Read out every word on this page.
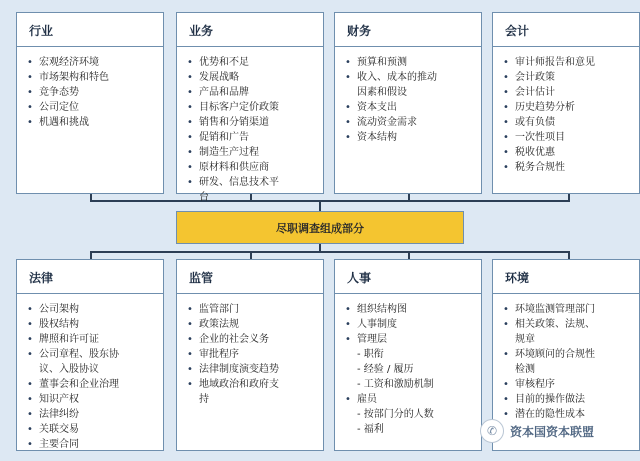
行业
• 宏观经济环境
• 市场架构和特色
• 竞争态势
• 公司定位
• 机遇和挑战
业务
• 优势和不足
• 发展战略
• 产品和品牌
• 目标客户定价政策
• 销售和分销渠道
• 促销和广告
• 制造生产过程
• 原材料和供应商
• 研发、信息技术平
台
财务
• 预算和预测
• 收入、成本的推动
因素和假设
• 资本支出
• 流动资金需求
• 资本结构
会计
• 审计师报告和意见
• 会计政策
• 会计估计
• 历史趋势分析
• 或有负债
• 一次性项目
• 税收优惠
• 税务合规性
尽职调查组成部分
法律
• 公司架构
• 股权结构
• 牌照和许可证
• 公司章程、股东协
议、入股协议
• 董事会和企业治理
• 知识产权
• 法律纠纷
• 关联交易
• 主要合同
监管
• 监管部门
• 政策法规
• 企业的社会义务
• 审批程序
• 法律制度演变趋势
• 地域政治和政府支
持
人事
• 组织结构图
• 人事制度
• 管理层
- 职衔
- 经验 / 履历
- 工资和激励机制
• 雇员
- 按部门分的人数
- 福利
环境
• 环境监测管理部门
• 相关政策、法规、
规章
• 环境顾问的合规性
检测
• 审核程序
• 目前的操作做法
• 潜在的隐性成本
✆	资本国资本联盟
